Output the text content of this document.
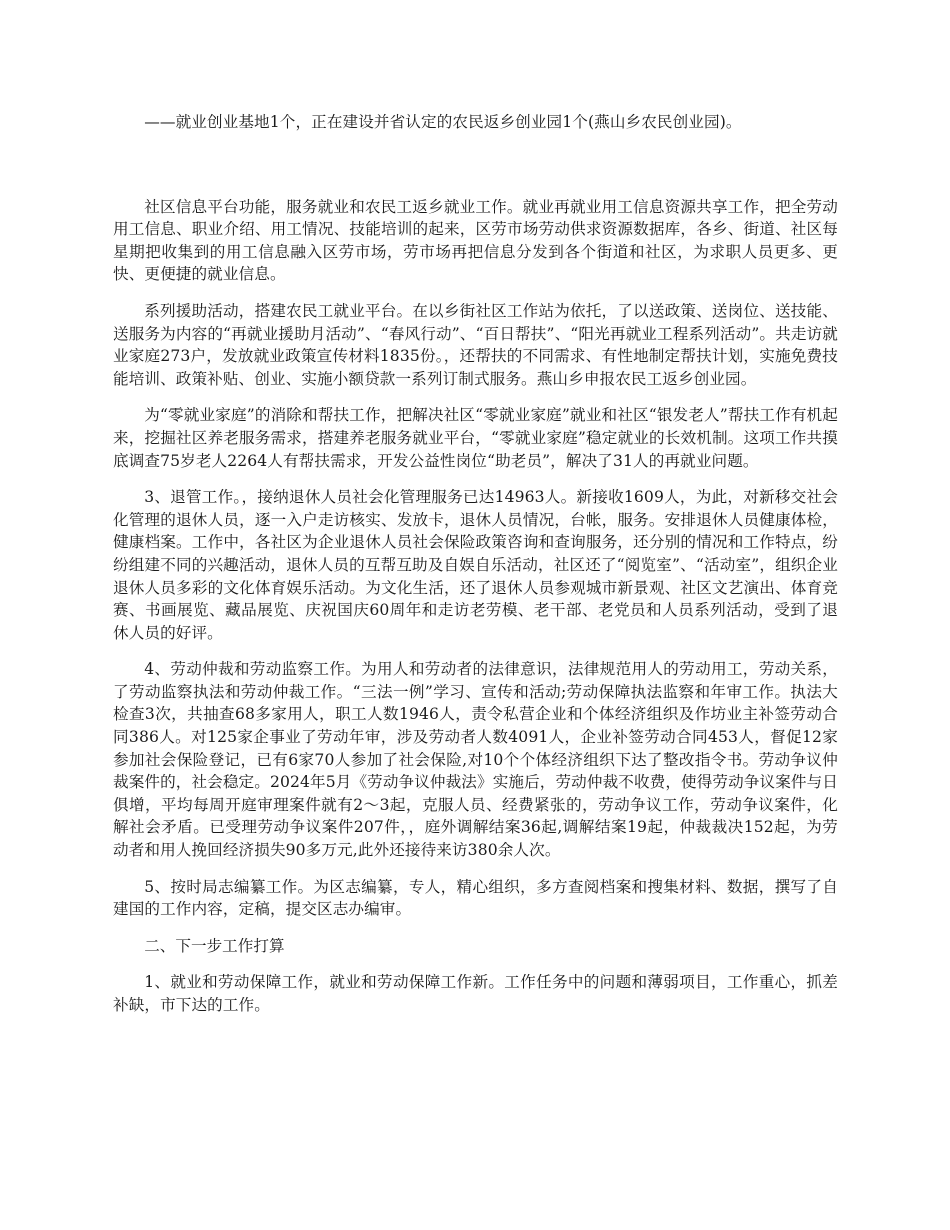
——就业创业基地1个，正在建设并省认定的农民返乡创业园1个(燕山乡农民创业园)。

社区信息平台功能，服务就业和农民工返乡就业工作。就业再就业用工信息资源共享工作，把全劳动用工信息、职业介绍、用工情况、技能培训的起来，区劳市场劳动供求资源数据库，各乡、街道、社区每星期把收集到的用工信息融入区劳市场，劳市场再把信息分发到各个街道和社区，为求职人员更多、更快、更便捷的就业信息。

系列援助活动，搭建农民工就业平台。在以乡街社区工作站为依托，了以送政策、送岗位、送技能、送服务为内容的“再就业援助月活动”、“春风行动”、“百日帮扶”、“阳光再就业工程系列活动”。共走访就业家庭273户，发放就业政策宣传材料1835份。，还帮扶的不同需求、有性地制定帮扶计划，实施免费技能培训、政策补贴、创业、实施小额贷款一系列订制式服务。燕山乡申报农民工返乡创业园。

为“零就业家庭”的消除和帮扶工作，把解决社区“零就业家庭”就业和社区“银发老人”帮扶工作有机起来，挖掘社区养老服务需求，搭建养老服务就业平台，“零就业家庭”稳定就业的长效机制。这项工作共摸底调查75岁老人2264人有帮扶需求，开发公益性岗位“助老员”，解决了31人的再就业问题。

3、退管工作。，接纳退休人员社会化管理服务已达14963人。新接收1609人，为此，对新移交社会化管理的退休人员，逐一入户走访核实、发放卡，退休人员情况，台帐，服务。安排退休人员健康体检，健康档案。工作中，各社区为企业退休人员社会保险政策咨询和查询服务，还分别的情况和工作特点，纷纷组建不同的兴趣活动，退休人员的互帮互助及自娱自乐活动，社区还了“阅览室”、“活动室”，组织企业退休人员多彩的文化体育娱乐活动。为文化生活，还了退休人员参观城市新景观、社区文艺演出、体育竞赛、书画展览、藏品展览、庆祝国庆60周年和走访老劳模、老干部、老党员和人员系列活动，受到了退休人员的好评。

4、劳动仲裁和劳动监察工作。为用人和劳动者的法律意识，法律规范用人的劳动用工，劳动关系，了劳动监察执法和劳动仲裁工作。“三法一例”学习、宣传和活动;劳动保障执法监察和年审工作。执法大检查3次，共抽查68多家用人，职工人数1946人，责令私营企业和个体经济组织及作坊业主补签劳动合同386人。对125家企事业了劳动年审，涉及劳动者人数4091人，企业补签劳动合同453人，督促12家参加社会保险登记，已有6家70人参加了社会保险,对10个个体经济组织下达了整改指令书。劳动争议仲裁案件的，社会稳定。2024年5月《劳动争议仲裁法》实施后，劳动仲裁不收费，使得劳动争议案件与日俱增，平均每周开庭审理案件就有2～3起，克服人员、经费紧张的，劳动争议工作，劳动争议案件，化解社会矛盾。已受理劳动争议案件207件，，庭外调解结案36起,调解结案19起，仲裁裁决152起，为劳动者和用人挽回经济损失90多万元,此外还接待来访380余人次。

5、按时局志编纂工作。为区志编纂，专人，精心组织，多方查阅档案和搜集材料、数据，撰写了自建国的工作内容，定稿，提交区志办编审。

二、下一步工作打算

1、就业和劳动保障工作，就业和劳动保障工作新。工作任务中的问题和薄弱项目，工作重心，抓差补缺，市下达的工作。
